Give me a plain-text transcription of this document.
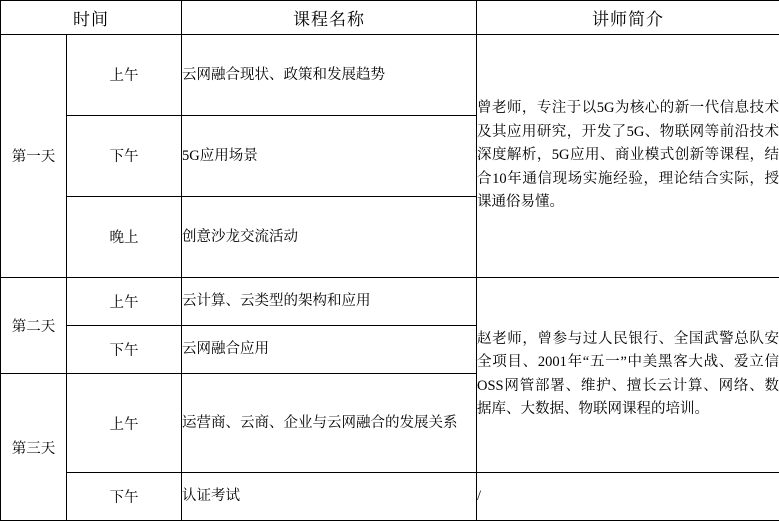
时间		课程名称	讲师简介
第一天	上午	云网融合现状、政策和发展趋势	曾老师，专注于以5G为核心的新一代信息技术及其应用研究，开发了5G、物联网等前沿技术深度解析，5G应用、商业模式创新等课程，结合10年通信现场实施经验，理论结合实际，授课通俗易懂。
	下午	5G应用场景	
	晚上	创意沙龙交流活动	
第二天	上午	云计算、云类型的架构和应用	赵老师，曾参与过人民银行、全国武警总队安全项目、2001年“五一”中美黑客大战、爱立信OSS网管部署、维护、擅长云计算、网络、数据库、大数据、物联网课程的培训。
	下午	云网融合应用	
第三天	上午	运营商、云商、企业与云网融合的发展关系	
	下午	认证考试	/
